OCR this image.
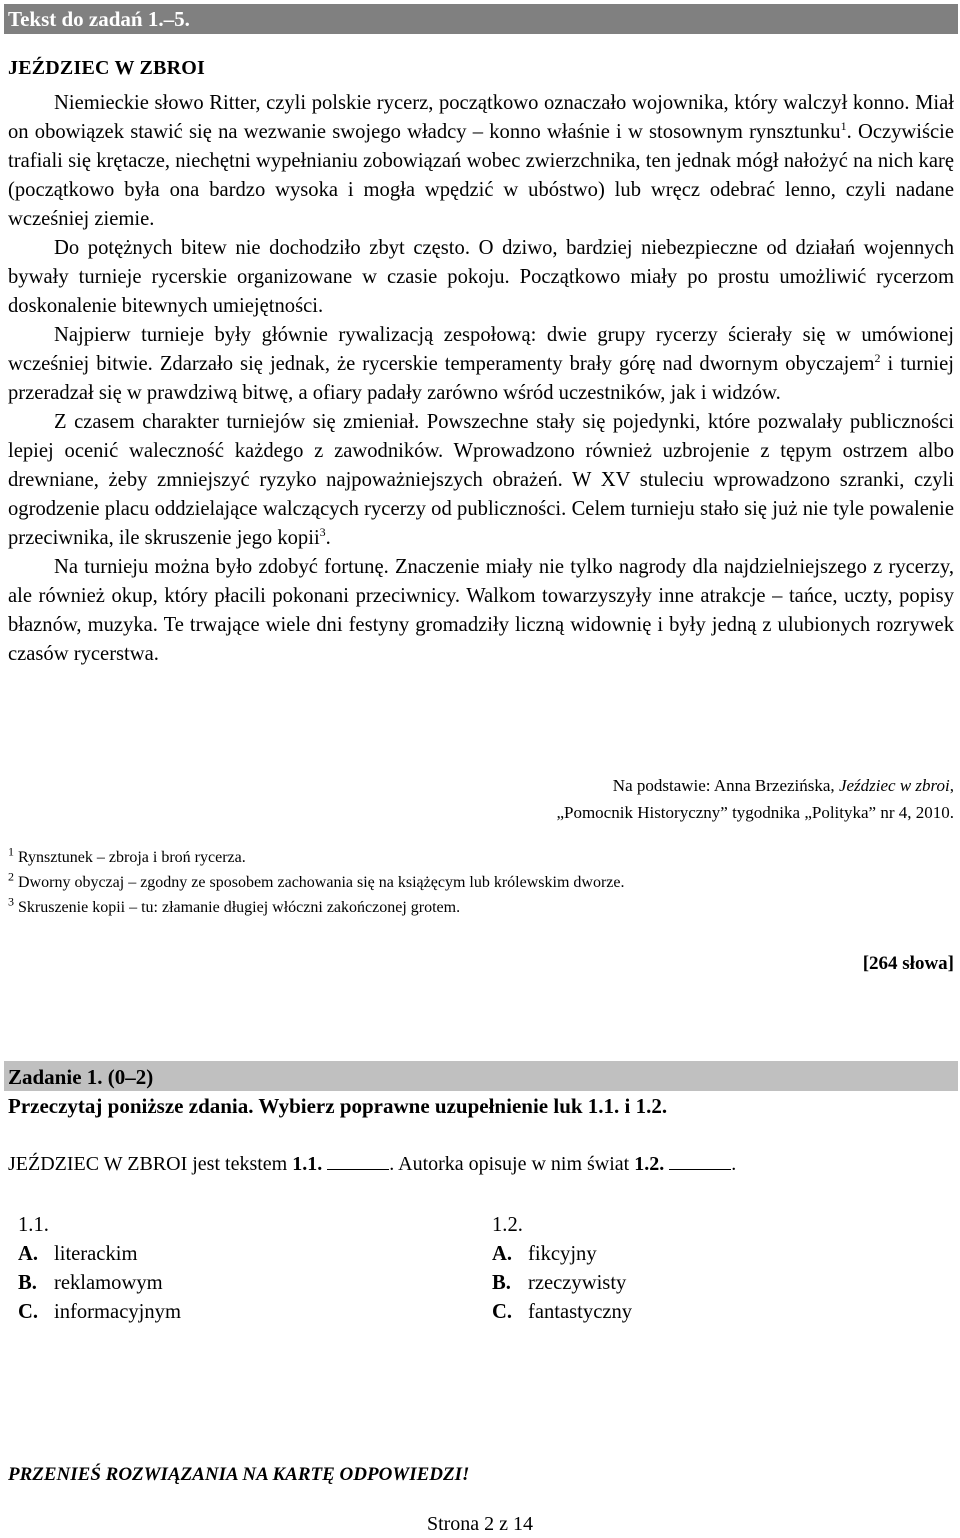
Tekst do zadań 1.–5.
JEŹDZIEC W ZBROI

Niemieckie słowo Ritter, czyli polskie rycerz, początkowo oznaczało wojownika, który walczył konno. Miał on obowiązek stawić się na wezwanie swojego władcy – konno właśnie i w stosownym rynsztunku$^1$. Oczywiście trafiali się krętacze, niechętni wypełnianiu zobowiązań wobec zwierzchnika, ten jednak mógł nałożyć na nich karę (początkowo była ona bardzo wysoka i mogła wpędzić w ubóstwo) lub wręcz odebrać lenno, czyli nadane wcześniej ziemie.

Do potężnych bitew nie dochodziło zbyt często. O dziwo, bardziej niebezpieczne od działań wojennych bywały turnieje rycerskie organizowane w czasie pokoju. Początkowo miały po prostu umożliwić rycerzom doskonalenie bitewnych umiejętności.

Najpierw turnieje były głównie rywalizacją zespołową: dwie grupy rycerzy ścierały się w umówionej wcześniej bitwie. Zdarzało się jednak, że rycerskie temperamenty brały górę nad dwornym obyczajem$^2$ i turniej przeradzał się w prawdziwą bitwę, a ofiary padały zarówno wśród uczestników, jak i widzów.

Z czasem charakter turniejów się zmieniał. Powszechne stały się pojedynki, które pozwalały publiczności lepiej ocenić waleczność każdego z zawodników. Wprowadzono również uzbrojenie z tępym ostrzem albo drewniane, żeby zmniejszyć ryzyko najpoważniejszych obrażeń. W XV stuleciu wprowadzono szranki, czyli ogrodzenie placu oddzielające walczących rycerzy od publiczności. Celem turnieju stało się już nie tyle powalenie przeciwnika, ile skruszenie jego kopii$^3$.

Na turnieju można było zdobyć fortunę. Znaczenie miały nie tylko nagrody dla najdzielniejszego z rycerzy, ale również okup, który płacili pokonani przeciwnicy. Walkom towarzyszyły inne atrakcje – tańce, uczty, popisy błaznów, muzyka. Te trwające wiele dni festyny gromadziły liczną widownię i były jedną z ulubionych rozrywek czasów rycerstwa.

Na podstawie: Anna Brzezińska, Jeździec w zbroi,
„Pomocnik Historyczny” tygodnika „Polityka” nr 4, 2010.
$^1$ Rynsztunek – zbroja i broń rycerza.
$^2$ Dworny obyczaj – zgodny ze sposobem zachowania się na książęcym lub królewskim dworze.
$^3$ Skruszenie kopii – tu: złamanie długiej włóczni zakończonej grotem.
[264 słowa]
Zadanie 1. (0–2)
Przeczytaj poniższe zdania. Wybierz poprawne uzupełnienie luk 1.1. i 1.2.
JEŹDZIEC W ZBROI jest tekstem 1.1.	. Autorka opisuje w nim świat 1.2.	.
1.1.
A. literackim
B. reklamowym
C. informacyjnym
1.2.
A. fikcyjny
B. rzeczywisty
C. fantastyczny
PRZENIEŚ ROZWIĄZANIA NA KARTĘ ODPOWIEDZI!
Strona 2 z 14
